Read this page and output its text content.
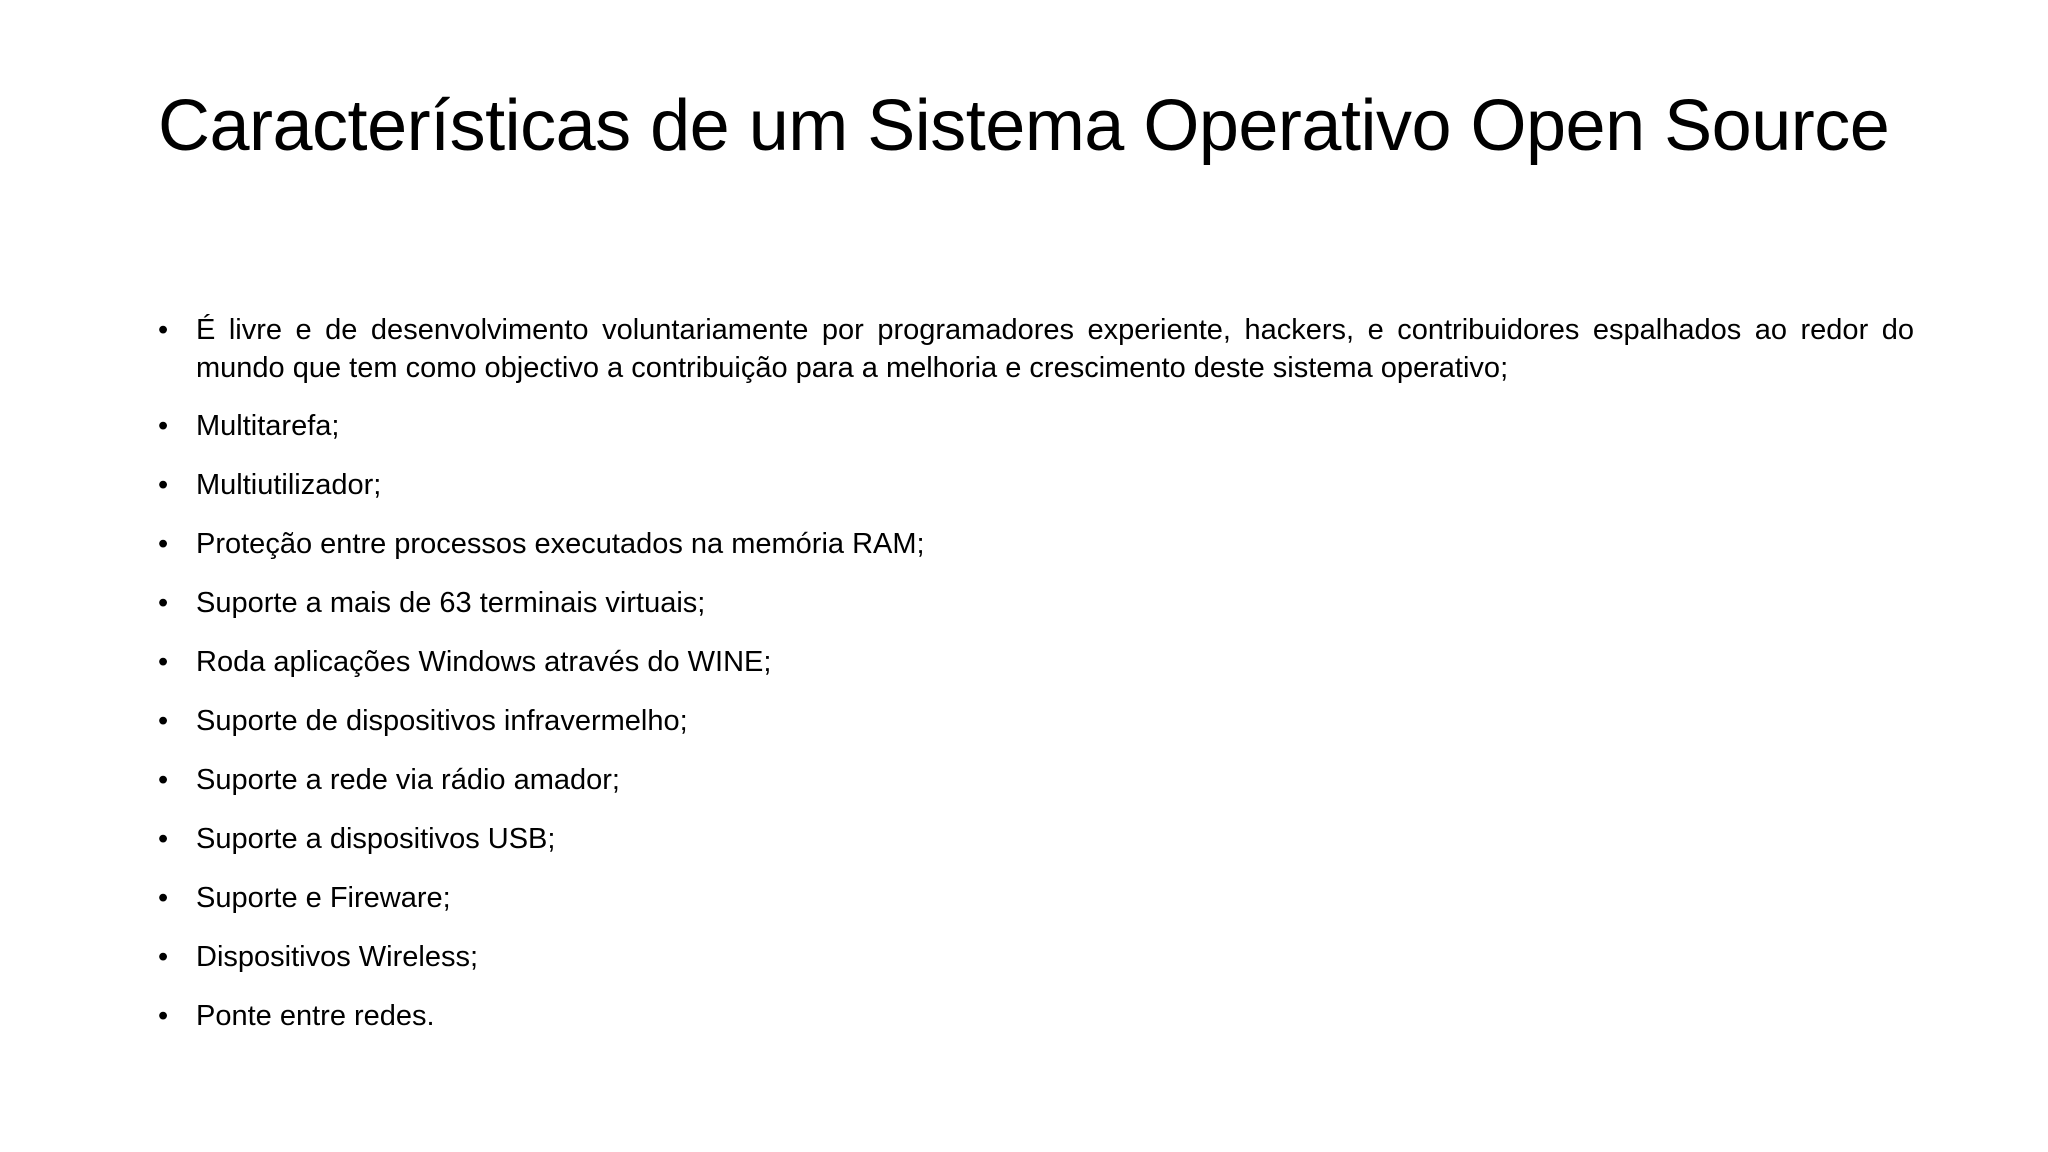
Características de um Sistema Operativo Open Source
• É livre e de desenvolvimento voluntariamente por programadores experiente, hackers, e contribuidores espalhados ao redor do mundo que tem como objectivo a contribuição para a melhoria e crescimento deste sistema operativo;
• Multitarefa;
• Multiutilizador;
• Proteção entre processos executados na memória RAM;
• Suporte a mais de 63 terminais virtuais;
• Roda aplicações Windows através do WINE;
• Suporte de dispositivos infravermelho;
• Suporte a rede via rádio amador;
• Suporte a dispositivos USB;
• Suporte e Fireware;
• Dispositivos Wireless;
• Ponte entre redes.
